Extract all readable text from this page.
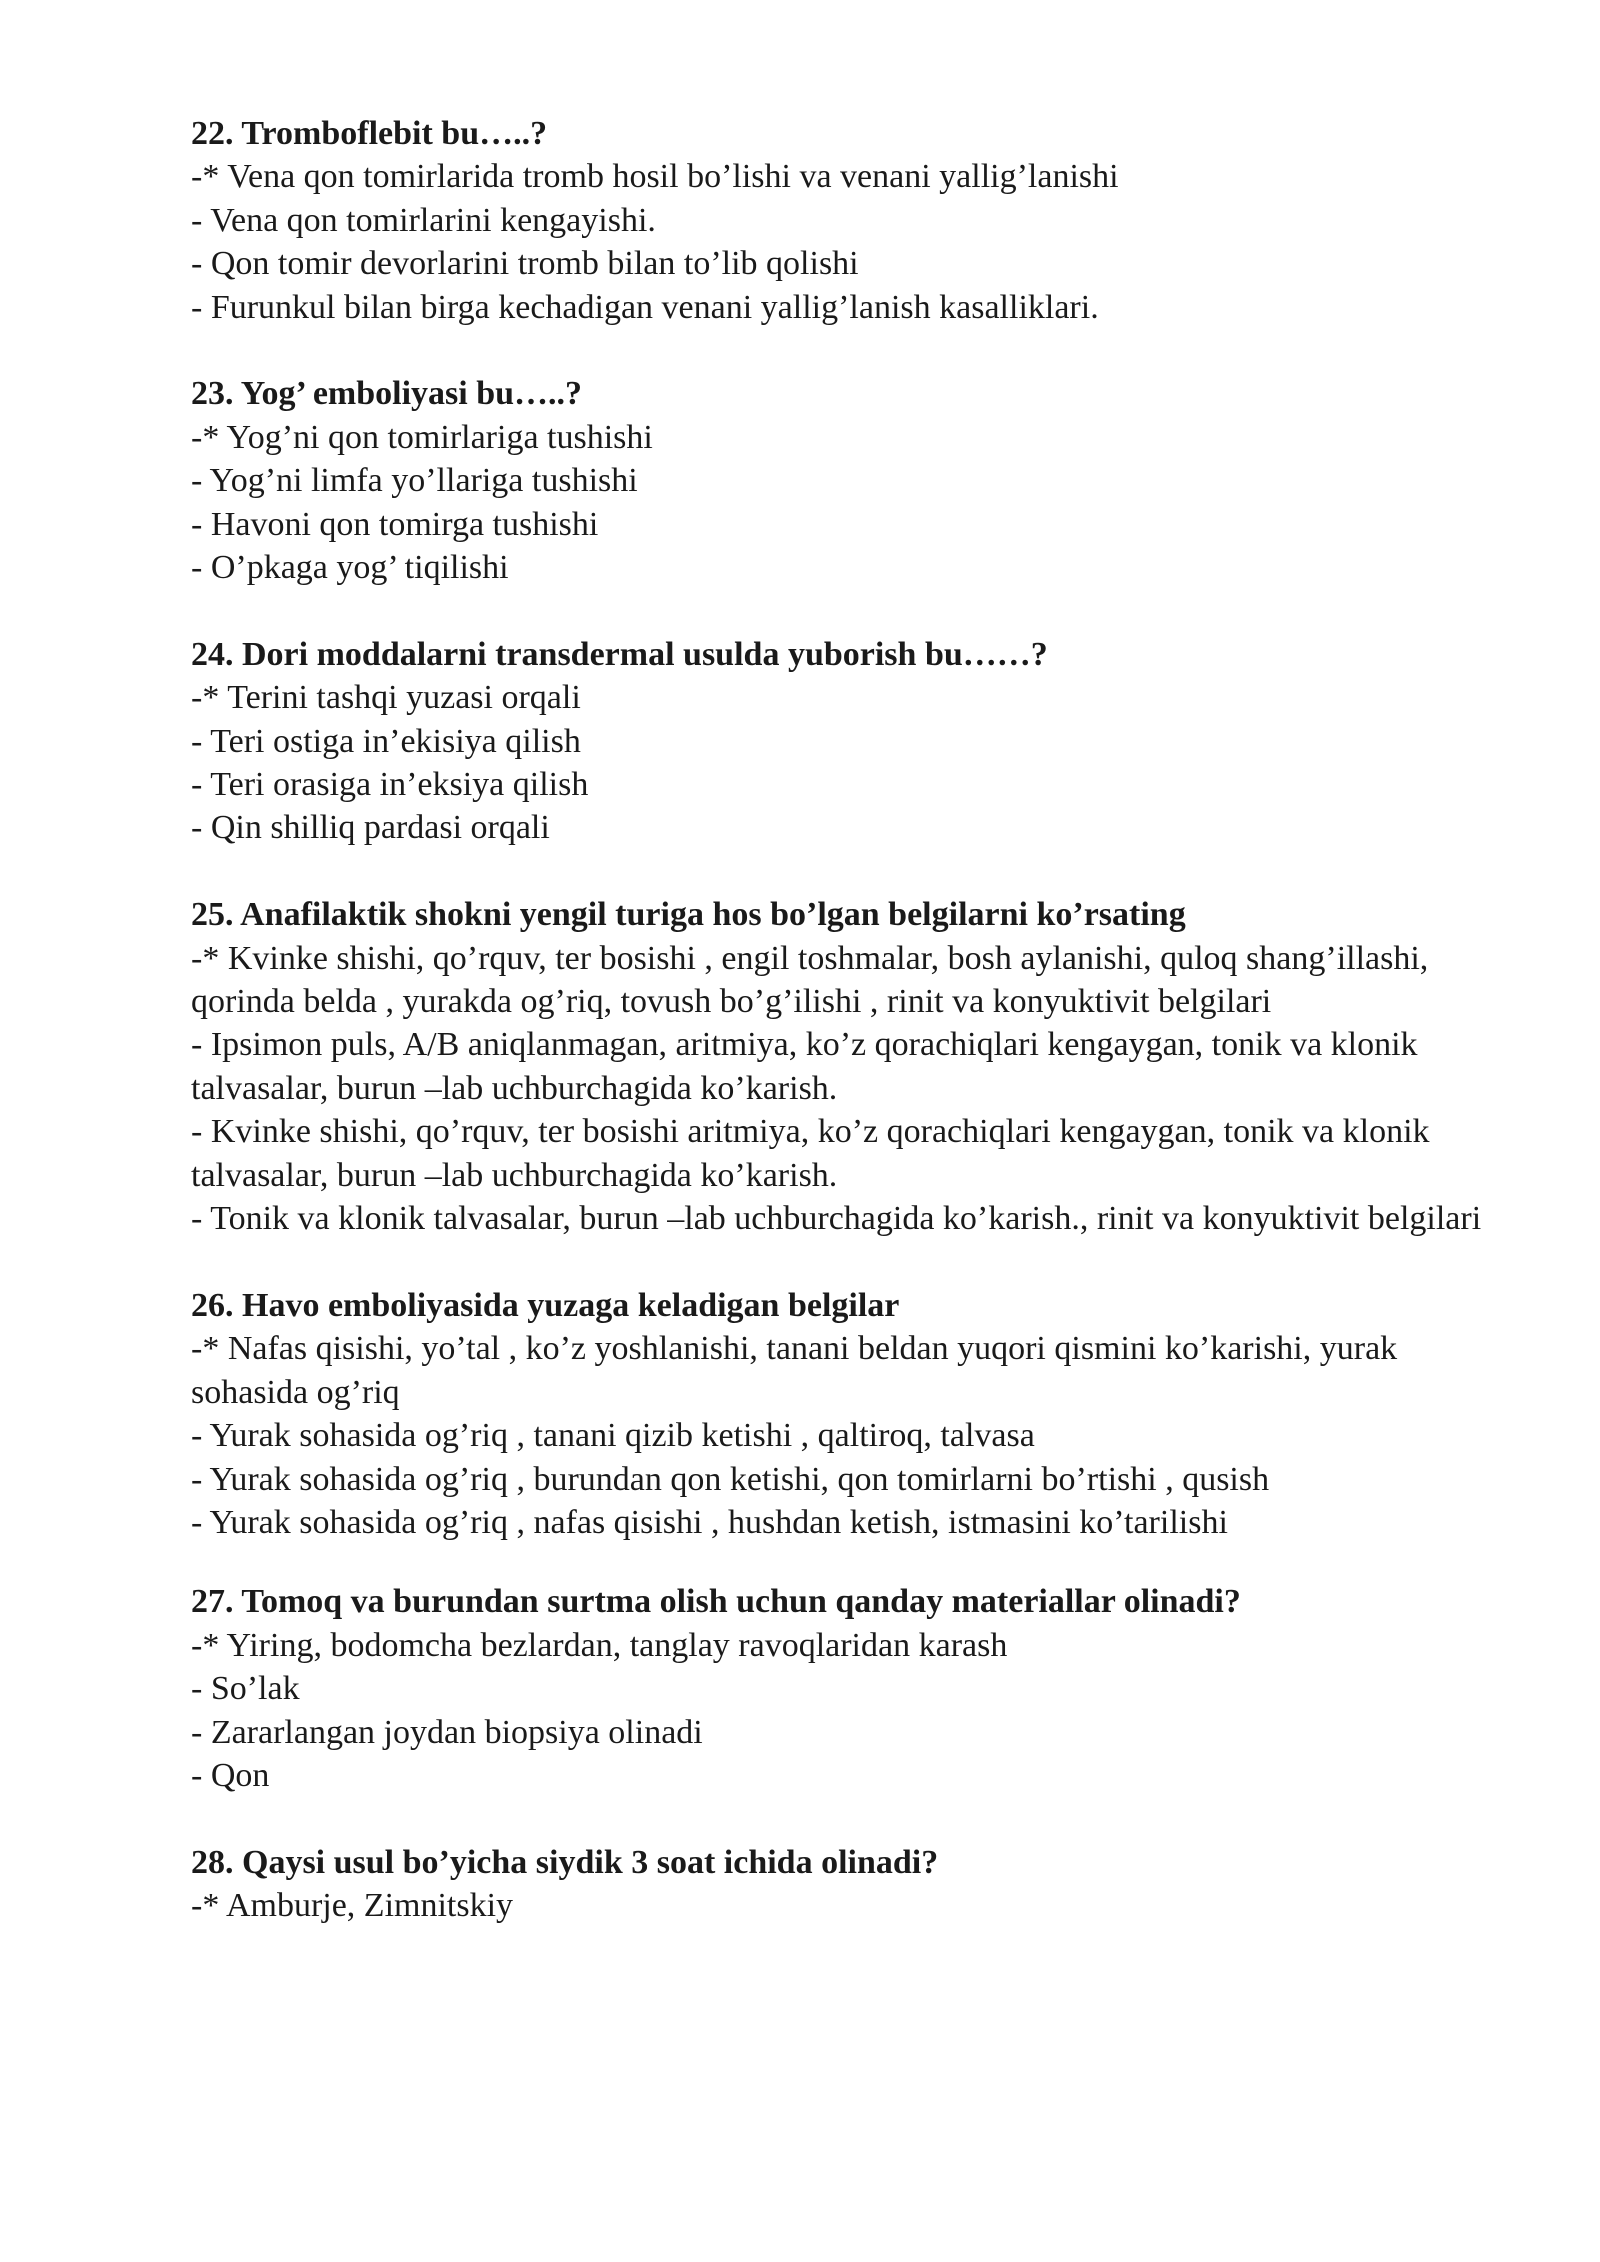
22. Tromboflebit bu…..?

-* Vena qon tomirlarida tromb hosil bo’lishi va venani yallig’lanishi

- Vena qon tomirlarini kengayishi.

- Qon tomir devorlarini tromb bilan to’lib qolishi

- Furunkul bilan birga kechadigan venani yallig’lanish kasalliklari.

23. Yog’ emboliyasi bu…..?

-* Yog’ni qon tomirlariga tushishi

- Yog’ni limfa yo’llariga tushishi

- Havoni qon tomirga tushishi

- O’pkaga yog’ tiqilishi

24. Dori moddalarni transdermal usulda yuborish bu……?

-* Terini tashqi yuzasi orqali

- Teri ostiga in’ekisiya qilish

- Teri orasiga in’eksiya qilish

- Qin shilliq pardasi orqali

25. Anafilaktik shokni yengil turiga hos bo’lgan belgilarni ko’rsating

-* Kvinke shishi, qo’rquv, ter bosishi , engil toshmalar, bosh aylanishi, quloq shang’illashi, qorinda belda , yurakda og’riq, tovush bo’g’ilishi , rinit va konyuktivit belgilari

- Ipsimon puls, A/B aniqlanmagan, aritmiya, ko’z qorachiqlari kengaygan, tonik va klonik talvasalar, burun –lab uchburchagida ko’karish.

- Kvinke shishi, qo’rquv, ter bosishi aritmiya, ko’z qorachiqlari kengaygan, tonik va klonik talvasalar, burun –lab uchburchagida ko’karish.

- Tonik va klonik talvasalar, burun –lab uchburchagida ko’karish., rinit va konyuktivit belgilari

26. Havo emboliyasida yuzaga keladigan belgilar

-* Nafas qisishi, yo’tal , ko’z yoshlanishi, tanani beldan yuqori qismini ko’karishi, yurak sohasida og’riq

- Yurak sohasida og’riq , tanani qizib ketishi , qaltiroq, talvasa

- Yurak sohasida og’riq , burundan qon ketishi, qon tomirlarni bo’rtishi , qusish

- Yurak sohasida og’riq , nafas qisishi , hushdan ketish, istmasini ko’tarilishi

27. Tomoq va burundan surtma olish uchun qanday materiallar olinadi?

-* Yiring, bodomcha bezlardan, tanglay ravoqlaridan karash

- So’lak

- Zararlangan joydan biopsiya olinadi

- Qon

28. Qaysi usul bo’yicha siydik 3 soat ichida olinadi?

-* Amburje, Zimnitskiy
